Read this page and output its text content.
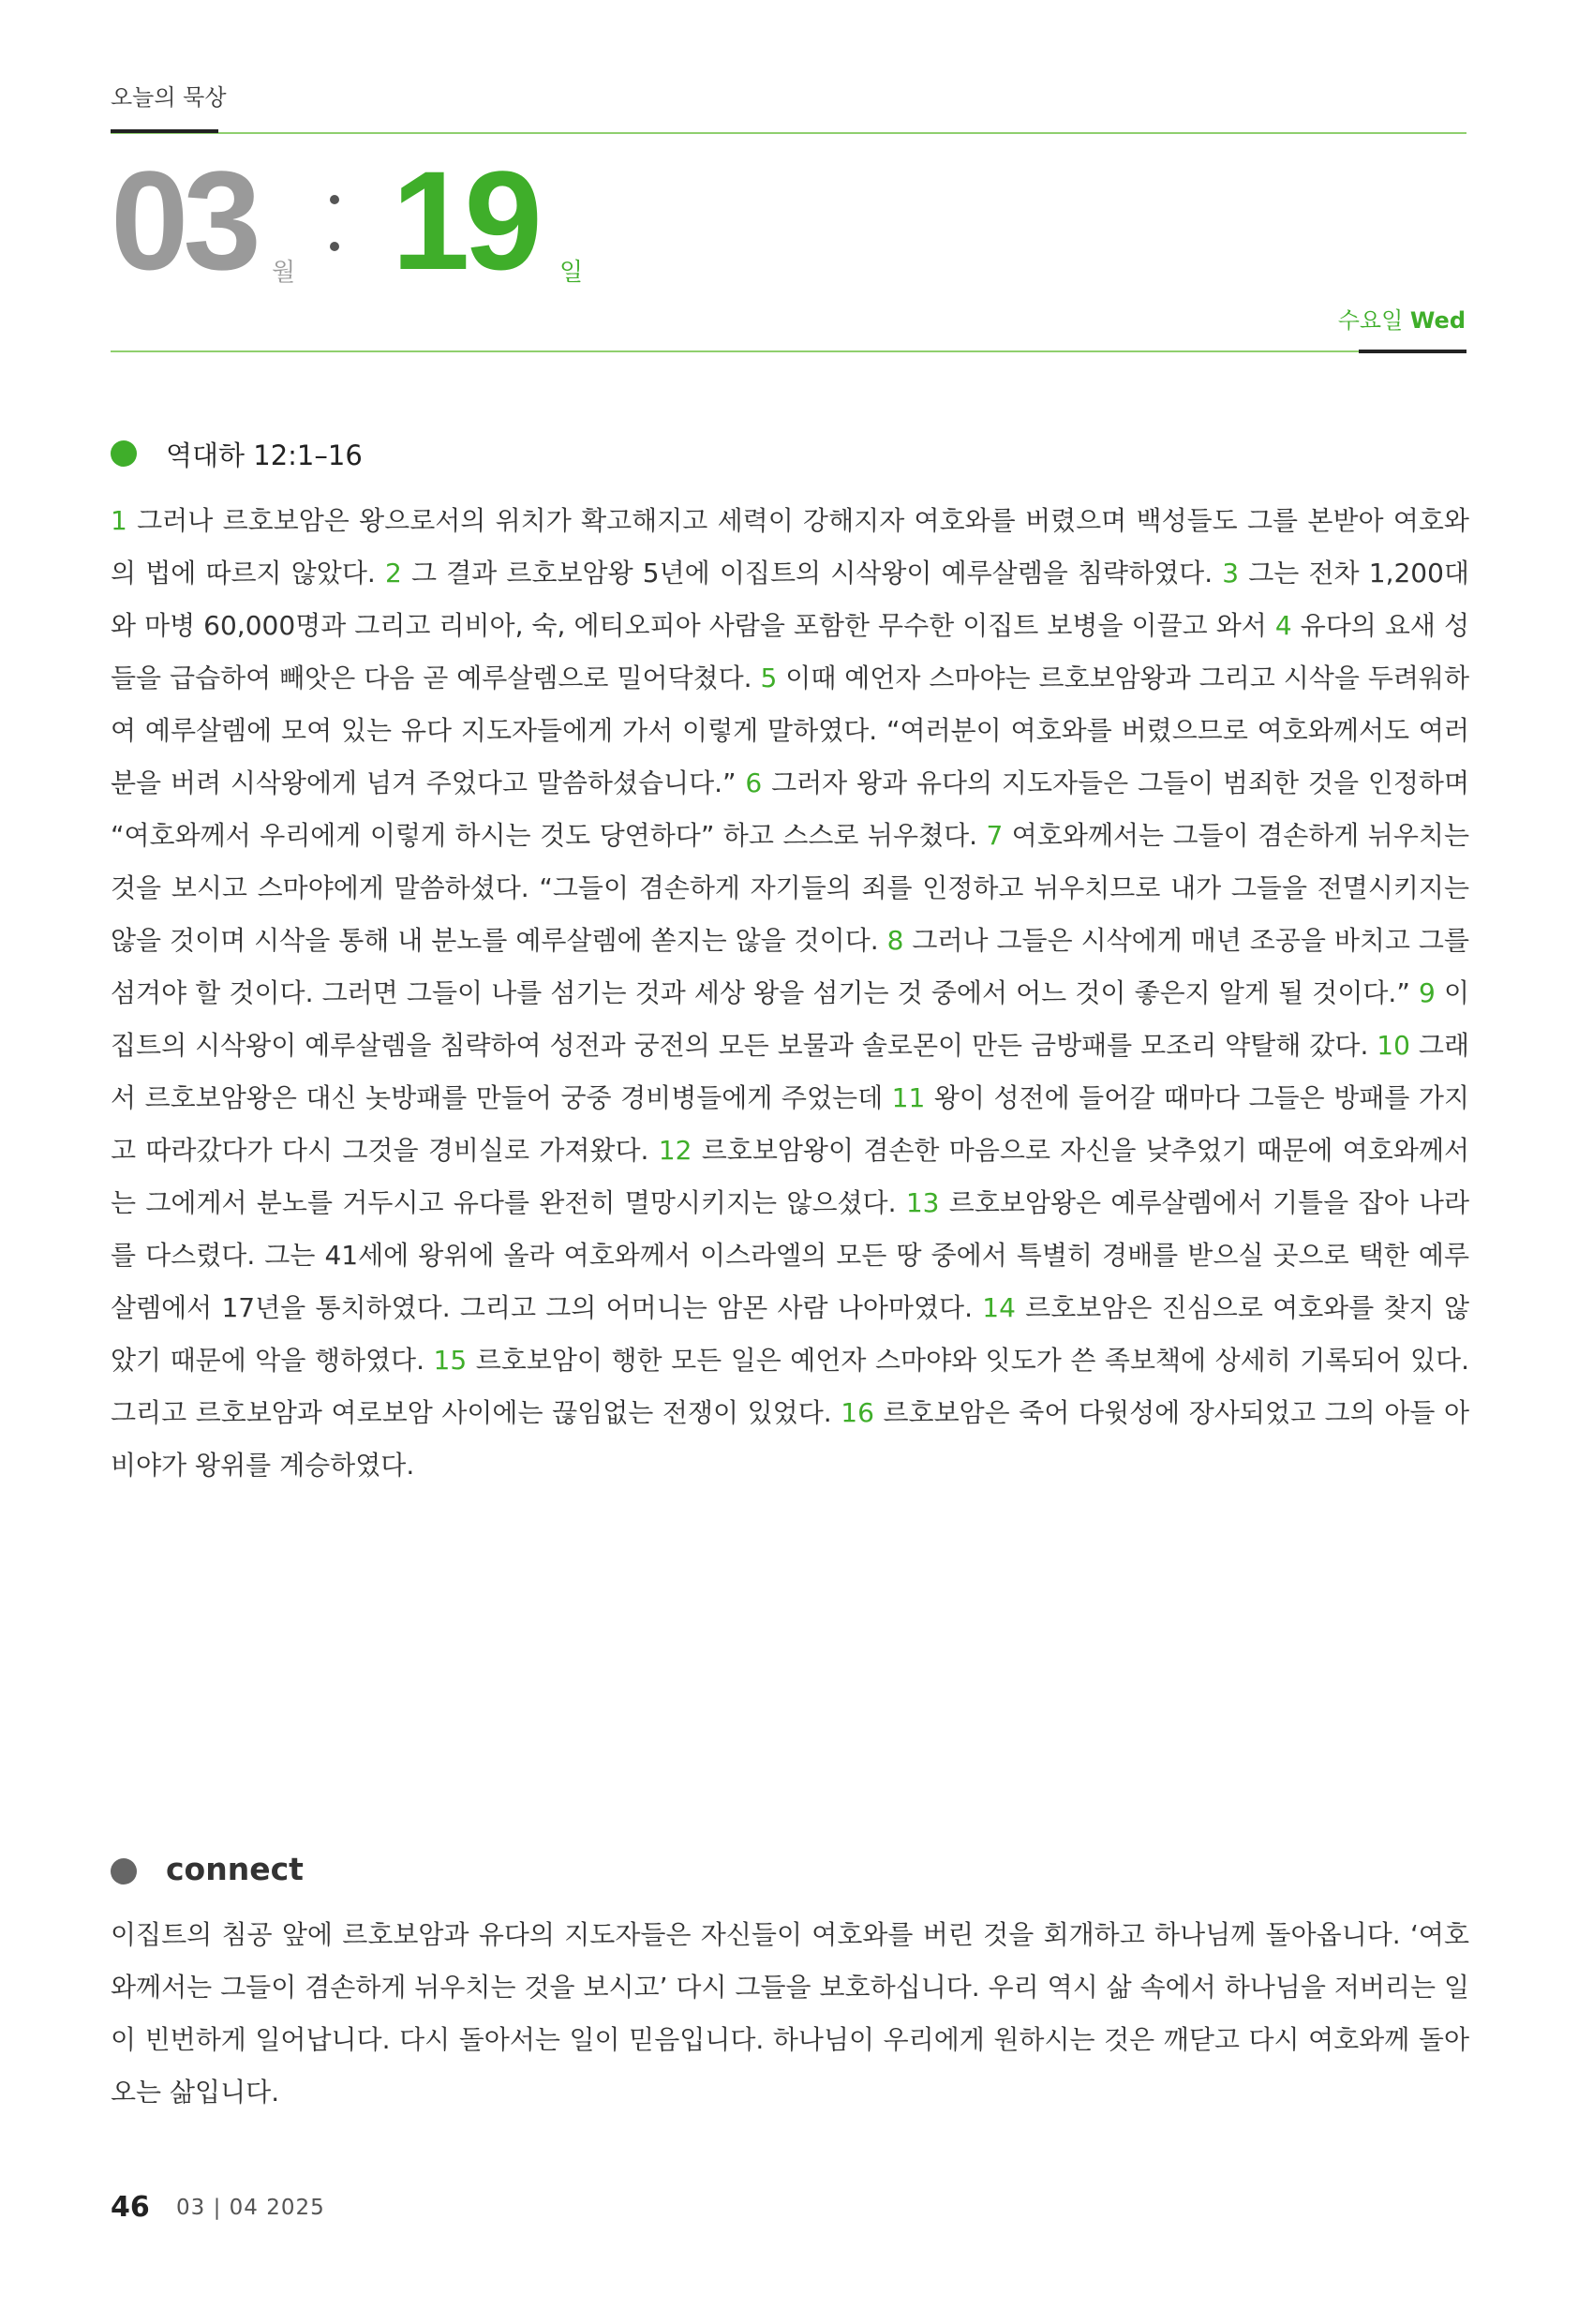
오늘의 묵상
03 월 19 일
수요일 Wed
역대하 12:1–16
1 그러나 르호보암은 왕으로서의 위치가 확고해지고 세력이 강해지자 여호와를 버렸으며 백성들도 그를 본받아 여호와의 법에 따르지 않았다. 2 그 결과 르호보암왕 5년에 이집트의 시삭왕이 예루살렘을 침략하였다. 3 그는 전차 1,200대와 마병 60,000명과 그리고 리비아, 숙, 에티오피아 사람을 포함한 무수한 이집트 보병을 이끌고 와서 4 유다의 요새 성들을 급습하여 빼앗은 다음 곧 예루살렘으로 밀어닥쳤다. 5 이때 예언자 스마야는 르호보암왕과 그리고 시삭을 두려워하여 예루살렘에 모여 있는 유다 지도자들에게 가서 이렇게 말하였다. “여러분이 여호와를 버렸으므로 여호와께서도 여러분을 버려 시삭왕에게 넘겨 주었다고 말씀하셨습니다.” 6 그러자 왕과 유다의 지도자들은 그들이 범죄한 것을 인정하며 “여호와께서 우리에게 이렇게 하시는 것도 당연하다” 하고 스스로 뉘우쳤다. 7 여호와께서는 그들이 겸손하게 뉘우치는 것을 보시고 스마야에게 말씀하셨다. “그들이 겸손하게 자기들의 죄를 인정하고 뉘우치므로 내가 그들을 전멸시키지는 않을 것이며 시삭을 통해 내 분노를 예루살렘에 쏟지는 않을 것이다. 8 그러나 그들은 시삭에게 매년 조공을 바치고 그를 섬겨야 할 것이다. 그러면 그들이 나를 섬기는 것과 세상 왕을 섬기는 것 중에서 어느 것이 좋은지 알게 될 것이다.” 9 이집트의 시삭왕이 예루살렘을 침략하여 성전과 궁전의 모든 보물과 솔로몬이 만든 금방패를 모조리 약탈해 갔다. 10 그래서 르호보암왕은 대신 놋방패를 만들어 궁중 경비병들에게 주었는데 11 왕이 성전에 들어갈 때마다 그들은 방패를 가지고 따라갔다가 다시 그것을 경비실로 가져왔다. 12 르호보암왕이 겸손한 마음으로 자신을 낮추었기 때문에 여호와께서는 그에게서 분노를 거두시고 유다를 완전히 멸망시키지는 않으셨다. 13 르호보암왕은 예루살렘에서 기틀을 잡아 나라를 다스렸다. 그는 41세에 왕위에 올라 여호와께서 이스라엘의 모든 땅 중에서 특별히 경배를 받으실 곳으로 택한 예루살렘에서 17년을 통치하였다. 그리고 그의 어머니는 암몬 사람 나아마였다. 14 르호보암은 진심으로 여호와를 찾지 않았기 때문에 악을 행하였다. 15 르호보암이 행한 모든 일은 예언자 스마야와 잇도가 쓴 족보책에 상세히 기록되어 있다. 그리고 르호보암과 여로보암 사이에는 끊임없는 전쟁이 있었다. 16 르호보암은 죽어 다윗성에 장사되었고 그의 아들 아비야가 왕위를 계승하였다.
connect
이집트의 침공 앞에 르호보암과 유다의 지도자들은 자신들이 여호와를 버린 것을 회개하고 하나님께 돌아옵니다. ‘여호와께서는 그들이 겸손하게 뉘우치는 것을 보시고’ 다시 그들을 보호하십니다. 우리 역시 삶 속에서 하나님을 저버리는 일이 빈번하게 일어납니다. 다시 돌아서는 일이 믿음입니다. 하나님이 우리에게 원하시는 것은 깨닫고 다시 여호와께 돌아오는 삶입니다.
46 03 | 04 2025
